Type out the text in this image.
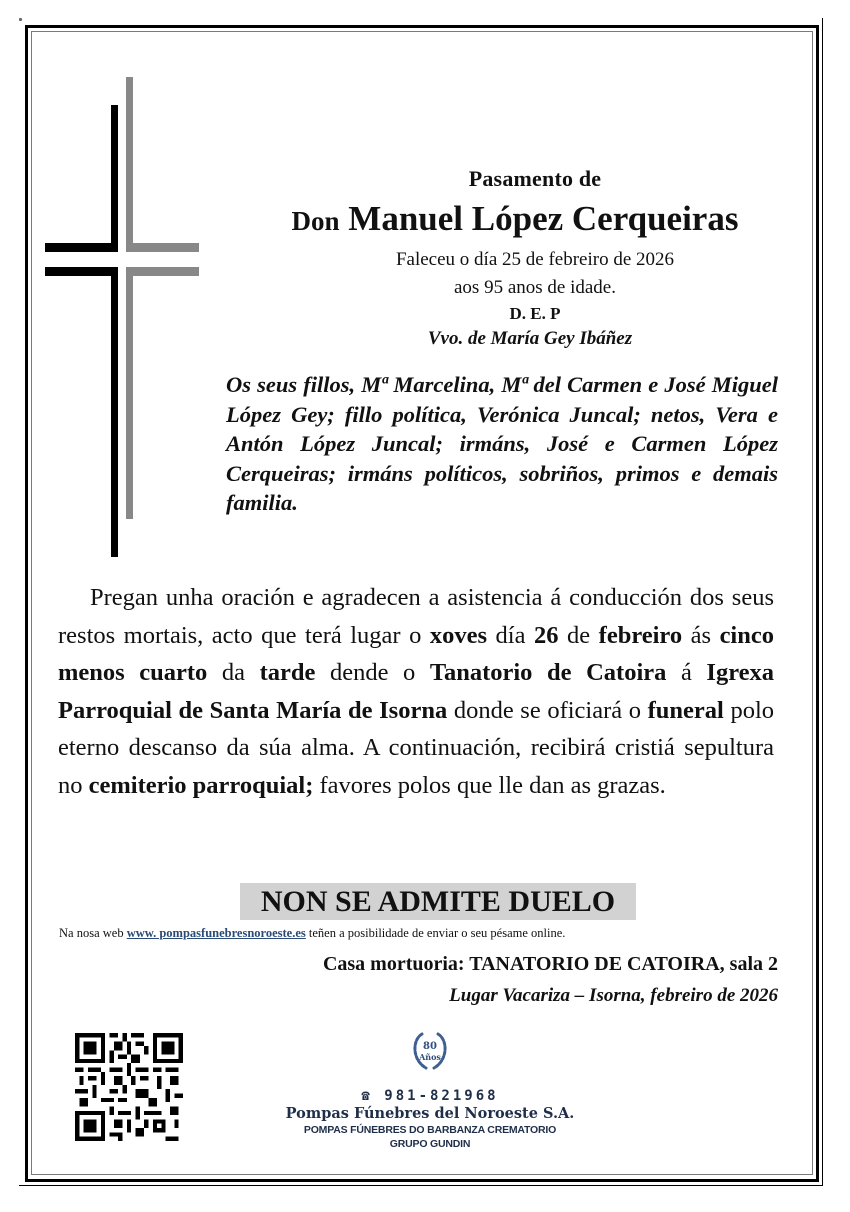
Pasamento de
Don Manuel López Cerqueiras
Faleceu o día 25 de febreiro de 2026
aos 95 anos de idade.
D. E. P
Vvo. de María Gey Ibáñez
Os seus fillos, Mª Marcelina, Mª del Carmen e José Miguel López Gey; fillo política, Verónica Juncal; netos, Vera e Antón López Juncal; irmáns, José e Carmen López Cerqueiras; irmáns políticos, sobriños, primos e demais familia.
Pregan unha oración e agradecen a asistencia á conducción dos seus restos mortais, acto que terá lugar o xoves día 26 de febreiro ás cinco menos cuarto da tarde dende o Tanatorio de Catoira á Igrexa Parroquial de Santa María de Isorna donde se oficiará o funeral polo eterno descanso da súa alma. A continuación, recibirá cristiá sepultura no cemiterio parroquial; favores polos que lle dan as grazas.
NON SE ADMITE DUELO
Na nosa web www. pompasfunebresnoroeste.es teñen a posibilidade de enviar o seu pésame online.
Casa mortuoria: TANATORIO DE CATOIRA, sala 2
Lugar Vacariza – Isorna, febreiro de 2026
80
Años
☎ 981-821968
Pompas Fúnebres del Noroeste S.A.
POMPAS FÚNEBRES DO BARBANZA CREMATORIO
GRUPO GUNDIN
